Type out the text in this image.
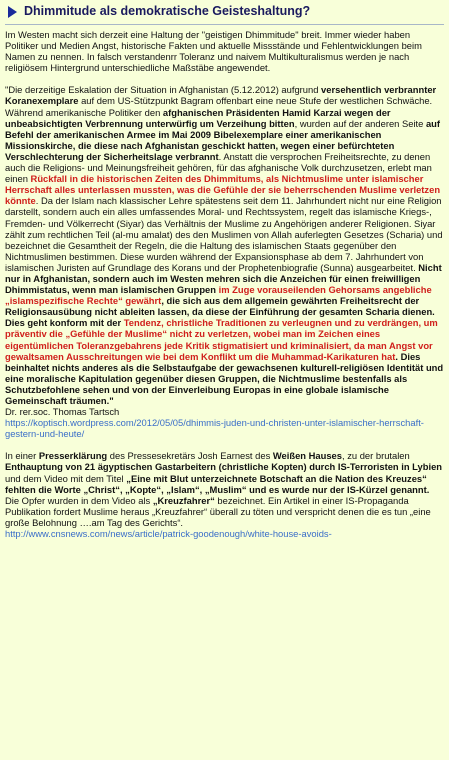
Dhimmitude als demokratische Geisteshaltung?

Im Westen macht sich derzeit eine Haltung der "geistigen Dhimmitude" breit. Immer wieder haben Politiker und Medien Angst, historische Fakten und aktuelle Missstände und Fehlentwicklungen beim Namen zu nennen. In falsch verstandenrr Toleranz und naivem Multikulturalismus werden je nach religiösem Hintergrund unterschiedliche Maßstäbe angewendet.

"Die derzeitige Eskalation der Situation in Afghanistan (5.12.2012) aufgrund versehentlich verbrannter Koranexemplare auf dem US-Stützpunkt Bagram offenbart eine neue Stufe der westlichen Schwäche. Während amerikanische Politiker den afghanischen Präsidenten Hamid Karzai wegen der unbeabsichtigten Verbrennung unterwürfig um Verzeihung bitten, wurden auf der anderen Seite auf Befehl der amerikanischen Armee im Mai 2009 Bibelexemplare einer amerikanischen Missionskirche, die diese nach Afghanistan geschickt hatten, wegen einer befürchteten Verschlechterung der Sicherheitslage verbrannt. Anstatt die versprochen Freiheitsrechte, zu denen auch die Religions- und Meinungsfreiheit gehören, für das afghanische Volk durchzusetzen, erlebt man einen Rückfall in die historischen Zeiten des Dhimmitums, als Nichtmuslime unter islamischer Herrschaft alles unterlassen mussten, was die Gefühle der sie beherrschenden Muslime verletzen könnte. Da der Islam nach klassischer Lehre spätestens seit dem 11. Jahrhundert nicht nur eine Religion darstellt, sondern auch ein alles umfassendes Moral- und Rechtssystem, regelt das islamische Kriegs-, Fremden- und Völkerrecht (Siyar) das Verhältnis der Muslime zu Angehörigen anderer Religionen. Siyar zählt zum rechtlichen Teil (al-mu amalat) des den Muslimen von Allah auferlegten Gesetzes (Scharia) und bezeichnet die Gesamtheit der Regeln, die die Haltung des islamischen Staats gegenüber den Nichtmuslimen bestimmen. Diese wurden während der Expansionsphase ab dem 7. Jahrhundert von islamischen Juristen auf Grundlage des Korans und der Prophetenbiografie (Sunna) ausgearbeitet. Nicht nur in Afghanistan, sondern auch im Westen mehren sich die Anzeichen für einen freiwilligen Dhimmistatus, wenn man islamischen Gruppen im Zuge vorauseilenden Gehorsams angebliche „islamspezifische Rechte“ gewährt, die sich aus dem allgemein gewährten Freiheitsrecht der Religionsausübung nicht ableiten lassen, da diese der Einführung der gesamten Scharia dienen. Dies geht konform mit der Tendenz, christliche Traditionen zu verleugnen und zu verdrängen, um präventiv die „Gefühle der Muslime“ nicht zu verletzen, wobei man im Zeichen eines eigentümlichen Toleranzgebahrens jede Kritik stigmatisiert und kriminalisiert, da man Angst vor gewaltsamen Ausschreitungen wie bei dem Konflikt um die Muhammad-Karikaturen hat. Dies beinhaltet nichts anderes als die Selbstaufgabe der gewachsenen kulturell-religiösen Identität und eine moralische Kapitulation gegenüber diesen Gruppen, die Nichtmuslime bestenfalls als Schutzbefohlene sehen und von der Einverleibung Europas in eine globale islamische Gemeinschaft träumen."
Dr. rer.soc. Thomas Tartsch
https://koptisch.wordpress.com/2012/05/05/dhimmis-juden-und-christen-unter-islamischer-herrschaft-gestern-und-heute/

In einer Presserklärung des Pressesekretärs Josh Earnest des Weißen Hauses, zu der brutalen Enthauptung von 21 ägyptischen Gastarbeitern (christliche Kopten) durch IS-Terroristen in Lybien und dem Video mit dem Titel „Eine mit Blut unterzeichnete Botschaft an die Nation des Kreuzes“ fehlten die Worte „Christ“, „Kopte“, „Islam“, „Muslim“ und es wurde nur der IS-Kürzel genannt. Die Opfer wurden in dem Video als „Kreuzfahrer“ bezeichnet. Ein Artikel in einer IS-Propaganda Publikation fordert Muslime heraus „Kreuzfahrer“ überall zu töten und verspricht denen die es tun „eine große Belohnung ….am Tag des Gerichts“.
http://www.cnsnews.com/news/article/patrick-goodenough/white-house-avoids-
